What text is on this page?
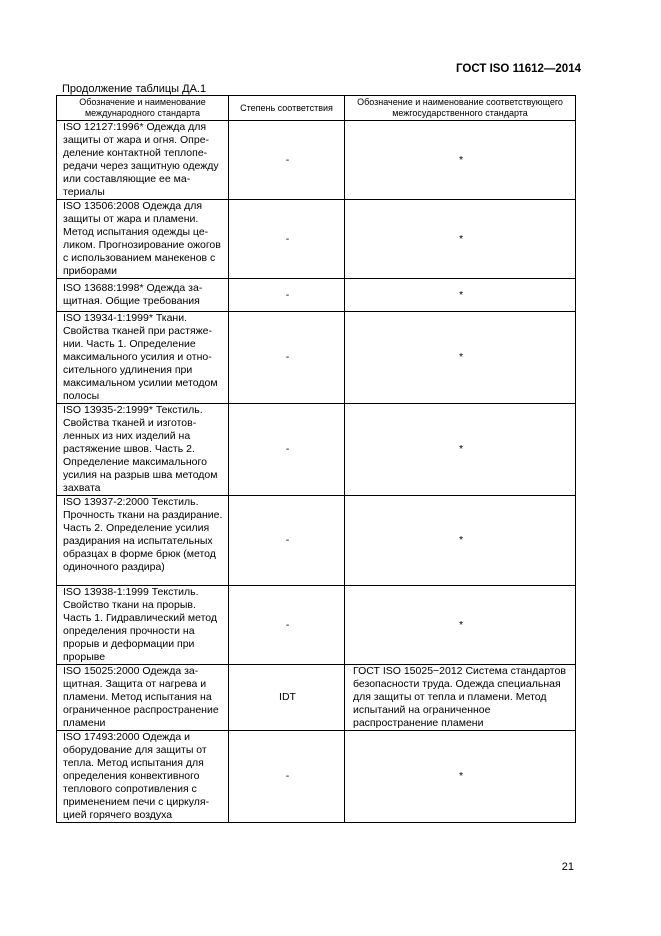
ГОСТ ISO 11612—2014
Продолжение таблицы ДА.1
Обозначение и наименование международного стандарта	Степень соответствия	Обозначение и наименование соответствующего межгосударственного стандарта
ISO 12127:1996* Одежда для защиты от жара и огня. Определение контактной теплопередачи через защитную одежду или составляющие ее материалы	-	*
ISO 13506:2008 Одежда для защиты от жара и пламени. Метод испытания одежды целиком. Прогнозирование ожогов с использованием манекенов с приборами	-	*
ISO 13688:1998* Одежда защитная. Общие требования	-	*
ISO 13934-1:1999* Ткани. Свойства тканей при растяжении. Часть 1. Определение максимального усилия и относительного удлинения при максимальном усилии методом полосы	-	*
ISO 13935-2:1999* Текстиль. Свойства тканей и изготовленных из них изделий на растяжение швов. Часть 2. Определение максимального усилия на разрыв шва методом захвата	-	*
ISO 13937-2:2000 Текстиль. Прочность ткани на раздирание. Часть 2. Определение усилия раздирания на испытательных образцах в форме брюк (метод одиночного раздира)	-	*
ISO 13938-1:1999 Текстиль. Свойство ткани на прорыв. Часть 1. Гидравлический метод определения прочности на прорыв и деформации при прорыве	-	*
ISO 15025:2000 Одежда защитная. Защита от нагрева и пламени. Метод испытания на ограниченное распространение пламени	IDT	ГОСТ ISO 15025−2012 Система стандартов безопасности труда. Одежда специальная для защиты от тепла и пламени. Метод испытаний на ограниченное распространение пламени
ISO 17493:2000 Одежда и оборудование для защиты от тепла. Метод испытания для определения конвективного теплового сопротивления с применением печи с циркуляцией горячего воздуха	-	*
21
